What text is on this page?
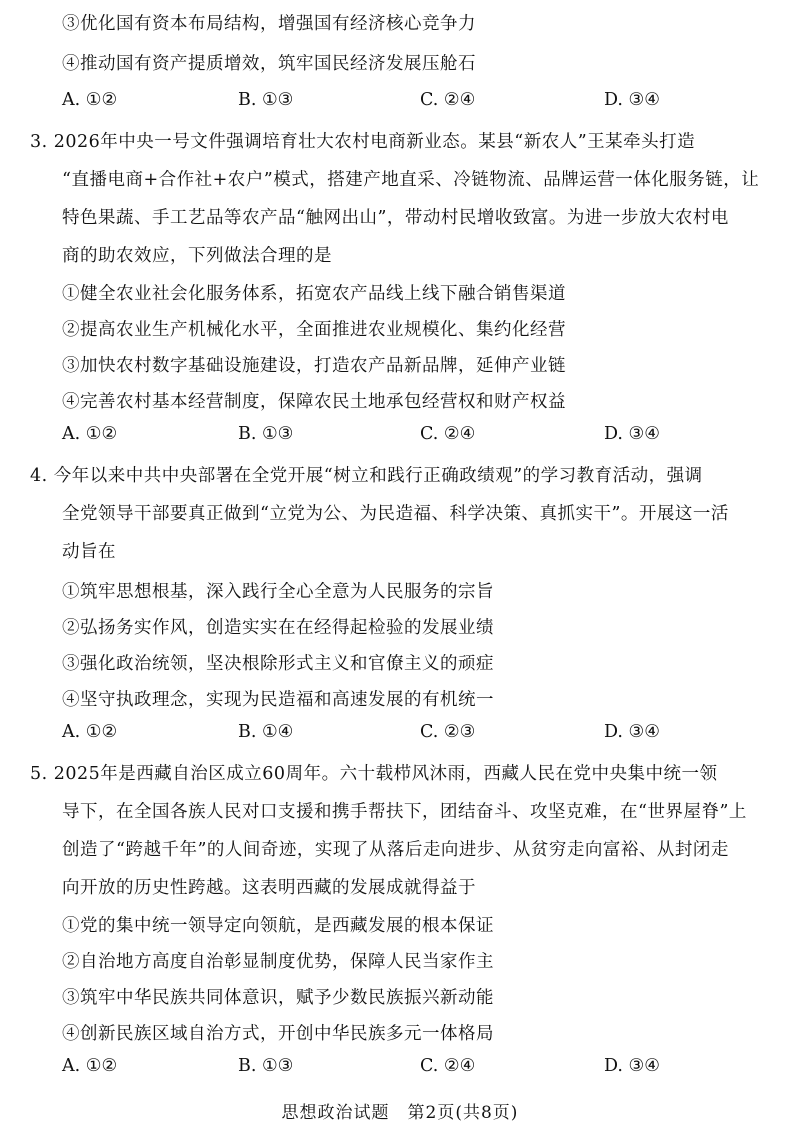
③优化国有资本布局结构，增强国有经济核心竞争力
④推动国有资产提质增效，筑牢国民经济发展压舱石
A. ①②	B. ①③	C. ②④	D. ③④
3. 2026年中央一号文件强调培育壮大农村电商新业态。某县“新农人”王某牵头打造
“直播电商+合作社+农户”模式，搭建产地直采、冷链物流、品牌运营一体化服务链，让
特色果蔬、手工艺品等农产品“触网出山”，带动村民增收致富。为进一步放大农村电
商的助农效应，下列做法合理的是
①健全农业社会化服务体系，拓宽农产品线上线下融合销售渠道
②提高农业生产机械化水平，全面推进农业规模化、集约化经营
③加快农村数字基础设施建设，打造农产品新品牌，延伸产业链
④完善农村基本经营制度，保障农民土地承包经营权和财产权益
A. ①②	B. ①③	C. ②④	D. ③④
4. 今年以来中共中央部署在全党开展“树立和践行正确政绩观”的学习教育活动，强调
全党领导干部要真正做到“立党为公、为民造福、科学决策、真抓实干”。开展这一活
动旨在
①筑牢思想根基，深入践行全心全意为人民服务的宗旨
②弘扬务实作风，创造实实在在经得起检验的发展业绩
③强化政治统领，坚决根除形式主义和官僚主义的顽症
④坚守执政理念，实现为民造福和高速发展的有机统一
A. ①②	B. ①④	C. ②③	D. ③④
5. 2025年是西藏自治区成立60周年。六十载栉风沐雨，西藏人民在党中央集中统一领
导下，在全国各族人民对口支援和携手帮扶下，团结奋斗、攻坚克难，在“世界屋脊”上
创造了“跨越千年”的人间奇迹，实现了从落后走向进步、从贫穷走向富裕、从封闭走
向开放的历史性跨越。这表明西藏的发展成就得益于
①党的集中统一领导定向领航，是西藏发展的根本保证
②自治地方高度自治彰显制度优势，保障人民当家作主
③筑牢中华民族共同体意识，赋予少数民族振兴新动能
④创新民族区域自治方式，开创中华民族多元一体格局
A. ①②	B. ①③	C. ②④	D. ③④
思想政治试题　第2页(共8页)
